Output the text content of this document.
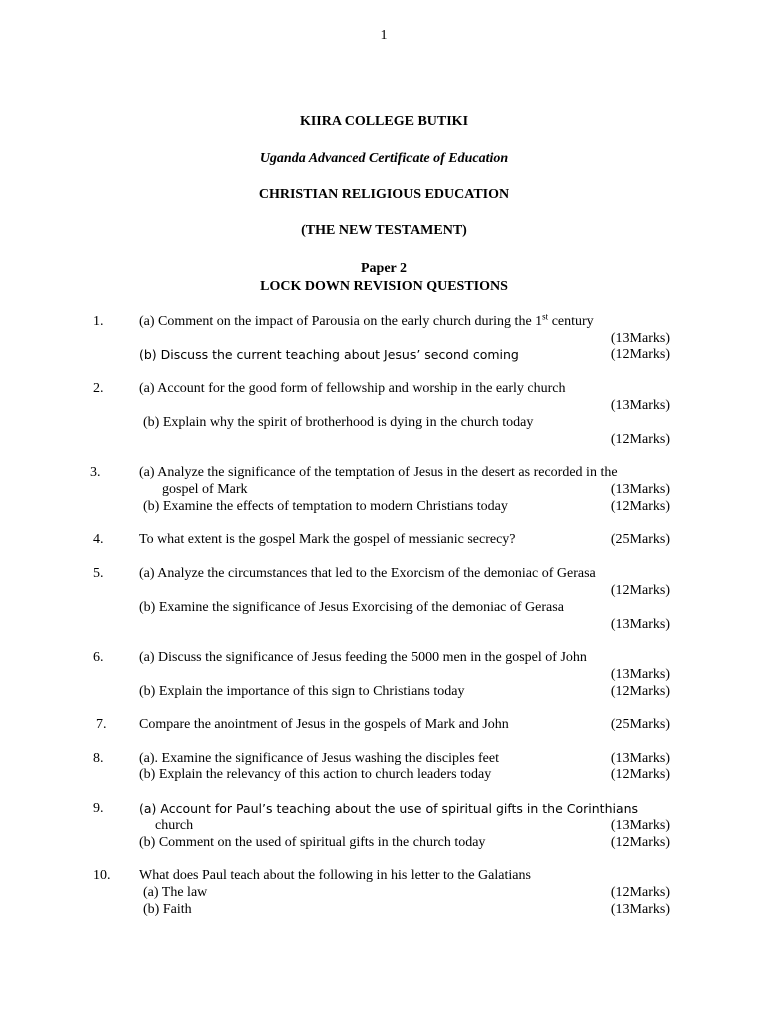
1
KIIRA COLLEGE BUTIKI
Uganda Advanced Certificate of Education
CHRISTIAN RELIGIOUS EDUCATION
(THE NEW TESTAMENT)
Paper 2
LOCK DOWN REVISION QUESTIONS
1.	(a) Comment on the impact of Parousia on the early church during the 1st century
(13Marks)
(b) Discuss the current teaching about Jesus’ second coming	(12Marks)
2.	(a) Account for the good form of fellowship and worship in the early church
(13Marks)
(b) Explain why the spirit of brotherhood is dying in the church today
(12Marks)
3.	(a) Analyze the significance of the temptation of Jesus in the desert as recorded in the
gospel of Mark	(13Marks)
(b) Examine the effects of temptation to modern Christians today	(12Marks)
4.	To what extent is the gospel Mark the gospel of messianic secrecy?	(25Marks)
5.	(a) Analyze the circumstances that led to the Exorcism of the demoniac of Gerasa
(12Marks)
(b) Examine the significance of Jesus Exorcising of the demoniac of Gerasa
(13Marks)
6.	(a) Discuss the significance of Jesus feeding the 5000 men in the gospel of John
(13Marks)
(b) Explain the importance of this sign to Christians today	(12Marks)
7. Compare the anointment of Jesus in the gospels of Mark and John	(25Marks)
8.	(a). Examine the significance of Jesus washing the disciples feet	(13Marks)
(b) Explain the relevancy of this action to church leaders today	(12Marks)
9.	(a) Account for Paul’s teaching about the use of spiritual gifts in the Corinthians
church	(13Marks)
(b) Comment on the used of spiritual gifts in the church today	(12Marks)
10. What does Paul teach about the following in his letter to the Galatians
(a) The law	(12Marks)
(b) Faith	(13Marks)
